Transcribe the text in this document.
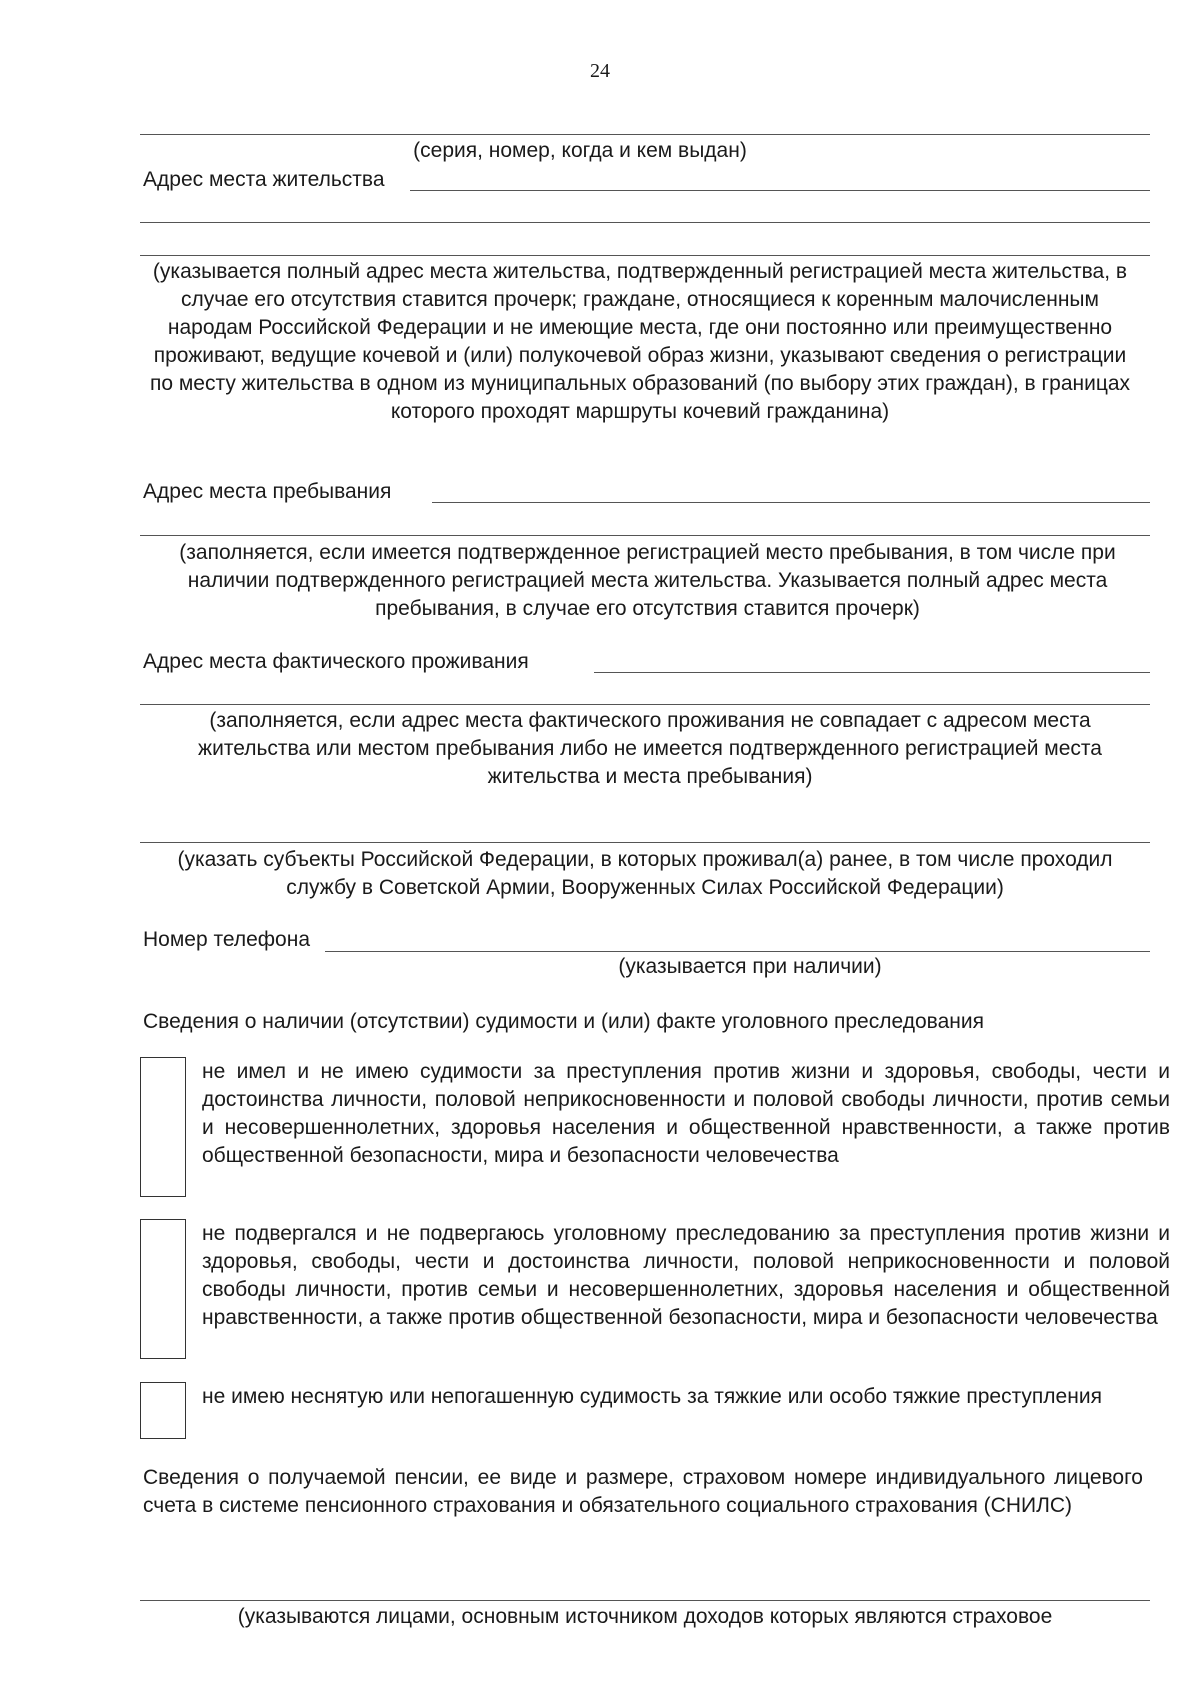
24
(серия, номер, когда и кем выдан)
Адрес места жительства
(указывается полный адрес места жительства, подтвержденный регистрацией места жительства, в случае его отсутствия ставится прочерк; граждане, относящиеся к коренным малочисленным народам Российской Федерации и не имеющие места, где они постоянно или преимущественно проживают, ведущие кочевой и (или) полукочевой образ жизни, указывают сведения о регистрации по месту жительства в одном из муниципальных образований (по выбору этих граждан), в границах которого проходят маршруты кочевий гражданина)
Адрес места пребывания
(заполняется, если имеется подтвержденное регистрацией место пребывания, в том числе при наличии подтвержденного регистрацией места жительства. Указывается полный адрес места пребывания, в случае его отсутствия ставится прочерк)
Адрес места фактического проживания
(заполняется, если адрес места фактического проживания не совпадает с адресом места жительства или местом пребывания либо не имеется подтвержденного регистрацией места жительства и места пребывания)
(указать субъекты Российской Федерации, в которых проживал(а) ранее, в том числе проходил службу в Советской Армии, Вооруженных Силах Российской Федерации)
Номер телефона
(указывается при наличии)
Сведения о наличии (отсутствии) судимости и (или) факте уголовного преследования
не имел и не имею судимости за преступления против жизни и здоровья, свободы, чести и достоинства личности, половой неприкосновенности и половой свободы личности, против семьи и несовершеннолетних, здоровья населения и общественной нравственности, а также против общественной безопасности, мира и безопасности человечества
не подвергался и не подвергаюсь уголовному преследованию за преступления против жизни и здоровья, свободы, чести и достоинства личности, половой неприкосновенности и половой свободы личности, против семьи и несовершеннолетних, здоровья населения и общественной нравственности, а также против общественной безопасности, мира и безопасности человечества
не имею неснятую или непогашенную судимость за тяжкие или особо тяжкие преступления
Сведения о получаемой пенсии, ее виде и размере, страховом номере индивидуального лицевого счета в системе пенсионного страхования и обязательного социального страхования (СНИЛС)
(указываются лицами, основным источником доходов которых являются страховое
